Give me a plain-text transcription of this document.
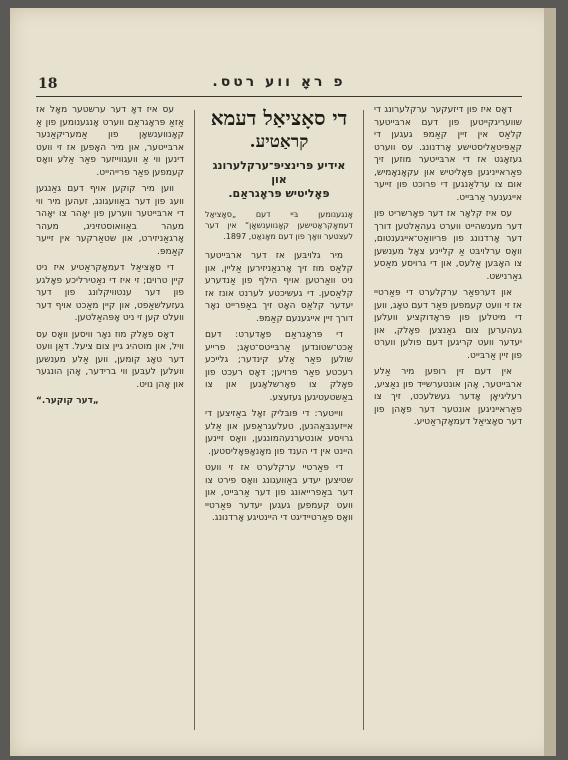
18	פ ראָ ווע רטס.

דאָס איז פון דיזעקער ערקלערונג די שוועריגקייטען פון דעם ארבּייטער קלאַס אין זיין קאַמפּ געגען די קאַפּיטאַליסטישע אָרדנונג. עס ווערט געזאָגט אז די ארבּייטער מוזען זיך פאַראייניגען פּאָליטיש און עקאָנאָמיש, אום צו ערלאַנגען די פרוכט פון זייער אייגענער אַרבּייט.

עס איז קלאָר אז דער פאָרשריט פון דער מענשהייט ווערט געהאַלטען דורך דער אָרדנונג פון פּריוואַט־אייגענטום, וואָס ערלויבּט אַ קליינע צאָל מענשען צו האָבּען אַלעס, און די גרויסע מאַסע גאַרנישט.

און דערפאַר ערקלערט די פּאַרטיי אז זי וועט קעמפען פאַר דעם טאָג, ווען די מיטלען פון פּראָדוקציע וועלען געהערען צום גאַנצען פאָלק, און יעדער וועט קריגען דעם פולען ווערט פון זיין אַרבּייט.

אין דעם זין רופען מיר אַלע ארבּייטער, אָהן אונטערשייד פון נאַציע, רעליגיאָן אָדער געשלעכט, זיך צו פאַראייניגען אונטער דער פאָהן פון דער סאָציאַל דעמאָקראַטיע.

די סאָציאַל דעמא
קראַטיע.
אידיע פּרינציפּ־ערקלערונג און
פּאָליטיש פּראָגראַם.
אָנגענומען בּיי דעם „סאָציאַל דעמאָקראַטישען קאָנווענשאָן“ אין דער לעצטער וואָך פון דעם מאָנאַט, 1897.

מיר גלויבּען אז דער ארבּייטער קלאַס מוז זיך אָרגאַניזירען אַליין, און ניט וואַרטען אויף הילף פון אַנדערע קלאַסען. די געשיכטע לערנט אונז אז יעדער קלאַס האָט זיך באַפרייט נאָר דורך זיין אייגענעם קאַמפּ.

די פּראָגראַם פאָדערט: דעם אַכט־שטונדען אַרבּייטס־טאָג; פרייע שולען פאַר אַלע קינדער; גלייכע רעכטע פאַר פרויען; דאָס רעכט פון פאָלק צו פאָרשלאָגען און צו באַשטעטיגען געזעצע.

ווייטער: די פּובּליק זאָל באַזיצען די אייזענבּאַהנען, טעלעגראַפען און אַלע גרויסע אונטערנעהמונגען, וואָס זיינען היינט אין די הענד פון מאָנאָפּאָליסטען.

די פּאַרטיי ערקלערט אז זי וועט שטיצען יעדע באַוועגונג וואָס פירט צו דער באַפרייאונג פון דער אַרבּייט, און וועט קעמפען געגען יעדער פּאַרטיי וואָס פאַרטיידיגט די היינטיגע אָרדנונג.

עס איז דאָ דער ערשטער מאָל אז אַזאַ פּראָגראַם ווערט אָנגענומען פון אַ קאָנווענשאָן פון אַמעריקאַנער ארבּייטער, און מיר האָפען אז זי וועט דינען ווי אַ וועגווייזער פאַר אַלע וואָס קעמפען פאַר פרייהייט.

ווען מיר קוקען אויף דעם גאַנגען וועג פון דער באַוועגונג, זעהען מיר ווי די ארבּייטער ווערען פון יאָהר צו יאָהר מעהר באַוואוסטזיניג, מעהר אָרגאַניזירט, און שטאַרקער אין זייער קאַמפּ.

די סאָציאַל דעמאָקראַטיע איז ניט קיין טרוים; זי איז די נאַטירליכע פאָלגע פון דער ענטוויקלונג פון דער געזעלשאַפט, און קיין מאַכט אויף דער וועלט קען זי ניט אָפּהאַלטען.

דאָס פאָלק מוז נאָר וויסען וואָס עס וויל, און מוטהיג גיין צום ציעל. דאַן וועט דער טאָג קומען, ווען אַלע מענשען וועלען לעבּען ווי ברידער, אָהן הונגער און אָהן נויט.

„דער קוקער.“
